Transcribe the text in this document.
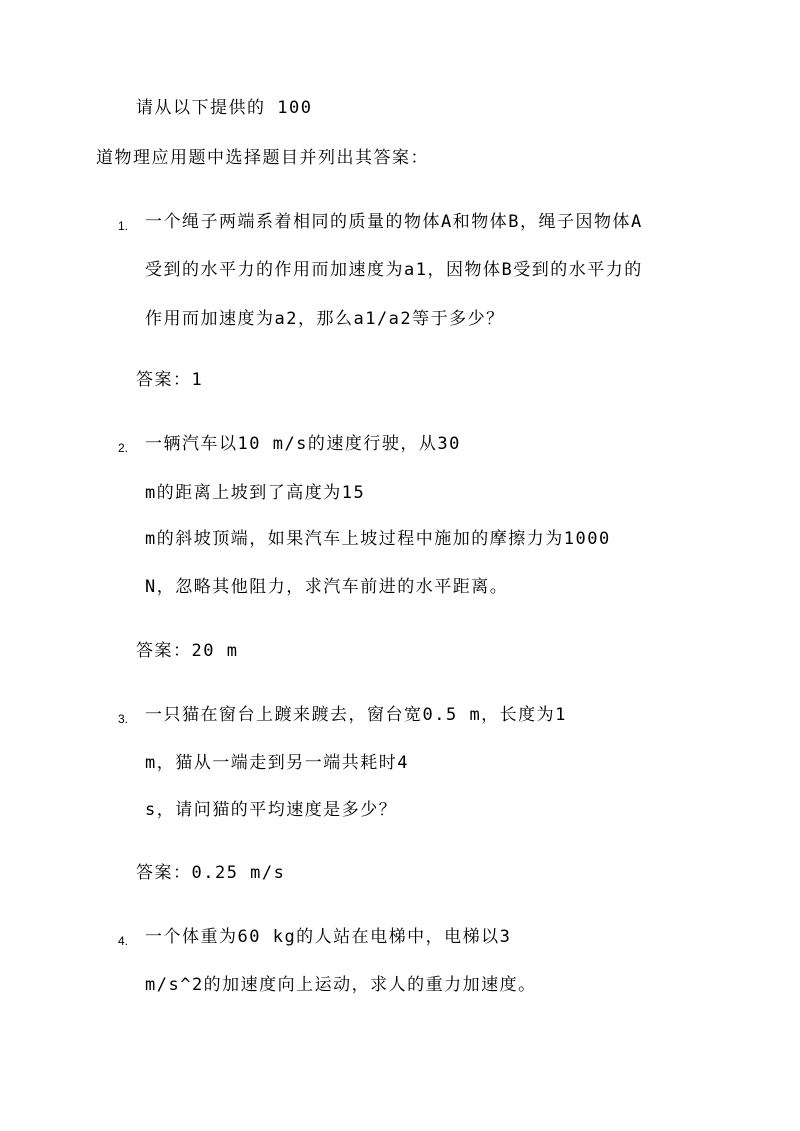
请从以下提供的 100
道物理应用题中选择题目并列出其答案：
1. 一个绳子两端系着相同的质量的物体A和物体B，绳子因物体A
受到的水平力的作用而加速度为a1，因物体B受到的水平力的
作用而加速度为a2，那么a1/a2等于多少？
答案：1
2. 一辆汽车以10 m/s的速度行驶，从30
m的距离上坡到了高度为15
m的斜坡顶端，如果汽车上坡过程中施加的摩擦力为1000
N，忽略其他阻力，求汽车前进的水平距离。
答案：20 m
3. 一只猫在窗台上踱来踱去，窗台宽0.5 m，长度为1
m，猫从一端走到另一端共耗时4
s，请问猫的平均速度是多少？
答案：0.25 m/s
4. 一个体重为60 kg的人站在电梯中，电梯以3
m/s^2的加速度向上运动，求人的重力加速度。
